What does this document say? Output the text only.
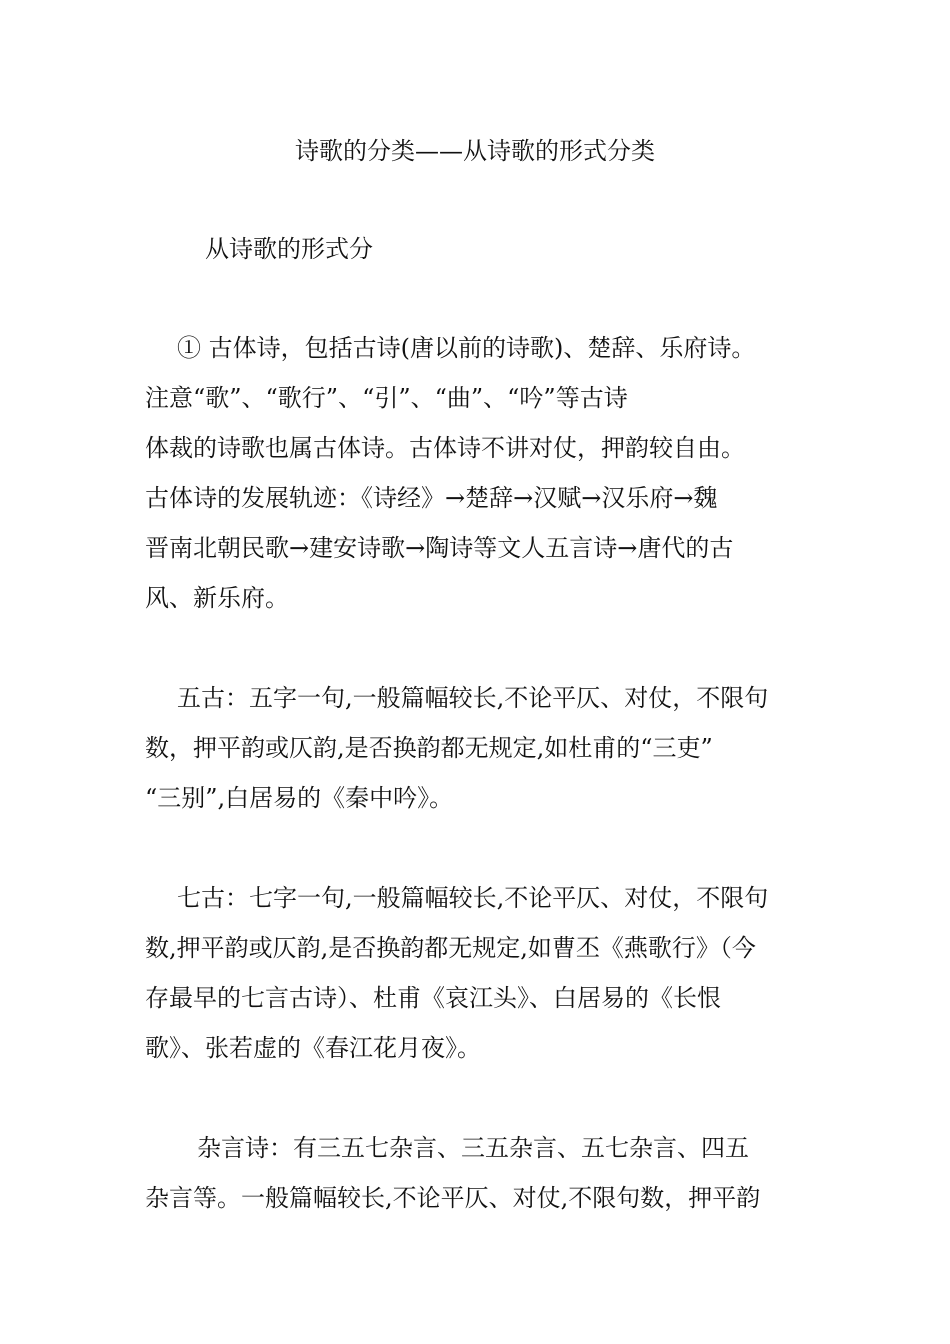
诗歌的分类——从诗歌的形式分类
从诗歌的形式分
① 古体诗，包括古诗(唐以前的诗歌)、楚辞、乐府诗。
注意“歌”、“歌行”、“引”、“曲”、“吟”等古诗
体裁的诗歌也属古体诗。古体诗不讲对仗，押韵较自由。
古体诗的发展轨迹：《诗经》→楚辞→汉赋→汉乐府→魏
晋南北朝民歌→建安诗歌→陶诗等文人五言诗→唐代的古
风、新乐府。
五古：五字一句,一般篇幅较长,不论平仄、对仗，不限句
数，押平韵或仄韵,是否换韵都无规定,如杜甫的“三吏”
“三别”,白居易的《秦中吟》。
七古：七字一句,一般篇幅较长,不论平仄、对仗，不限句
数,押平韵或仄韵,是否换韵都无规定,如曹丕《燕歌行》（今
存最早的七言古诗）、杜甫《哀江头》、白居易的《长恨
歌》、张若虚的《春江花月夜》。
杂言诗：有三五七杂言、三五杂言、五七杂言、四五
杂言等。一般篇幅较长,不论平仄、对仗,不限句数，押平韵
